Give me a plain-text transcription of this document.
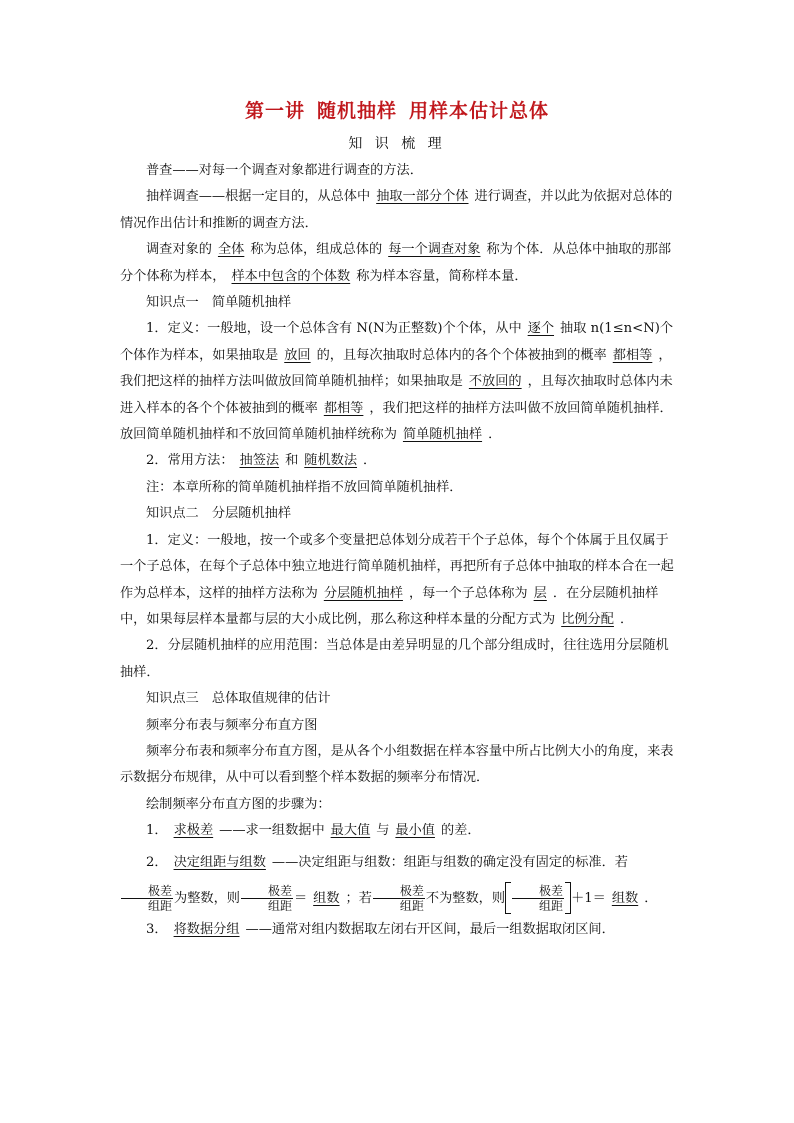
第一讲 随机抽样 用样本估计总体
知 识 梳 理

普查——对每一个调查对象都进行调查的方法．

抽样调查——根据一定目的，从总体中 抽取一部分个体 进行调查，并以此为依据对总体的情况作出估计和推断的调查方法．

调查对象的 全体 称为总体，组成总体的 每一个调查对象 称为个体．从总体中抽取的那部分个体称为样本， 样本中包含的个体数 称为样本容量，简称样本量．

知识点一　简单随机抽样

1．定义：一般地，设一个总体含有 N(N为正整数)个个体，从中 逐个 抽取 n(1≤n<N)个个体作为样本，如果抽取是 放回 的，且每次抽取时总体内的各个个体被抽到的概率 都相等 ，我们把这样的抽样方法叫做放回简单随机抽样；如果抽取是 不放回的 ，且每次抽取时总体内未进入样本的各个个体被抽到的概率 都相等 ，我们把这样的抽样方法叫做不放回简单随机抽样．放回简单随机抽样和不放回简单随机抽样统称为 简单随机抽样 ．

2．常用方法： 抽签法 和 随机数法 ．

注：本章所称的简单随机抽样指不放回简单随机抽样．

知识点二　分层随机抽样

1．定义：一般地，按一个或多个变量把总体划分成若干个子总体，每个个体属于且仅属于一个子总体，在每个子总体中独立地进行简单随机抽样，再把所有子总体中抽取的样本合在一起作为总样本，这样的抽样方法称为 分层随机抽样 ，每一个子总体称为 层 ．在分层随机抽样中，如果每层样本量都与层的大小成比例，那么称这种样本量的分配方式为 比例分配 ．

2．分层随机抽样的应用范围：当总体是由差异明显的几个部分组成时，往往选用分层随机抽样．

知识点三　总体取值规律的估计

频率分布表与频率分布直方图

频率分布表和频率分布直方图，是从各个小组数据在样本容量中所占比例大小的角度，来表示数据分布规律，从中可以看到整个样本数据的频率分布情况．

绘制频率分布直方图的步骤为：

1． 求极差 ——求一组数据中 最大值 与 最小值 的差．

2． 决定组距与组数 ——决定组距与组数：组距与组数的确定没有固定的标准．若
$\frac{\text{极差}}{\text{组距}}$ 为整数，则 $\frac{\text{极差}}{\text{组距}}$ ＝ 组数 ；若 $\frac{\text{极差}}{\text{组距}}$ 不为整数，则 $\frac{\text{极差}}{\text{组距}} +1=$ 组数 ．

3． 将数据分组 ——通常对组内数据取左闭右开区间，最后一组数据取闭区间．
